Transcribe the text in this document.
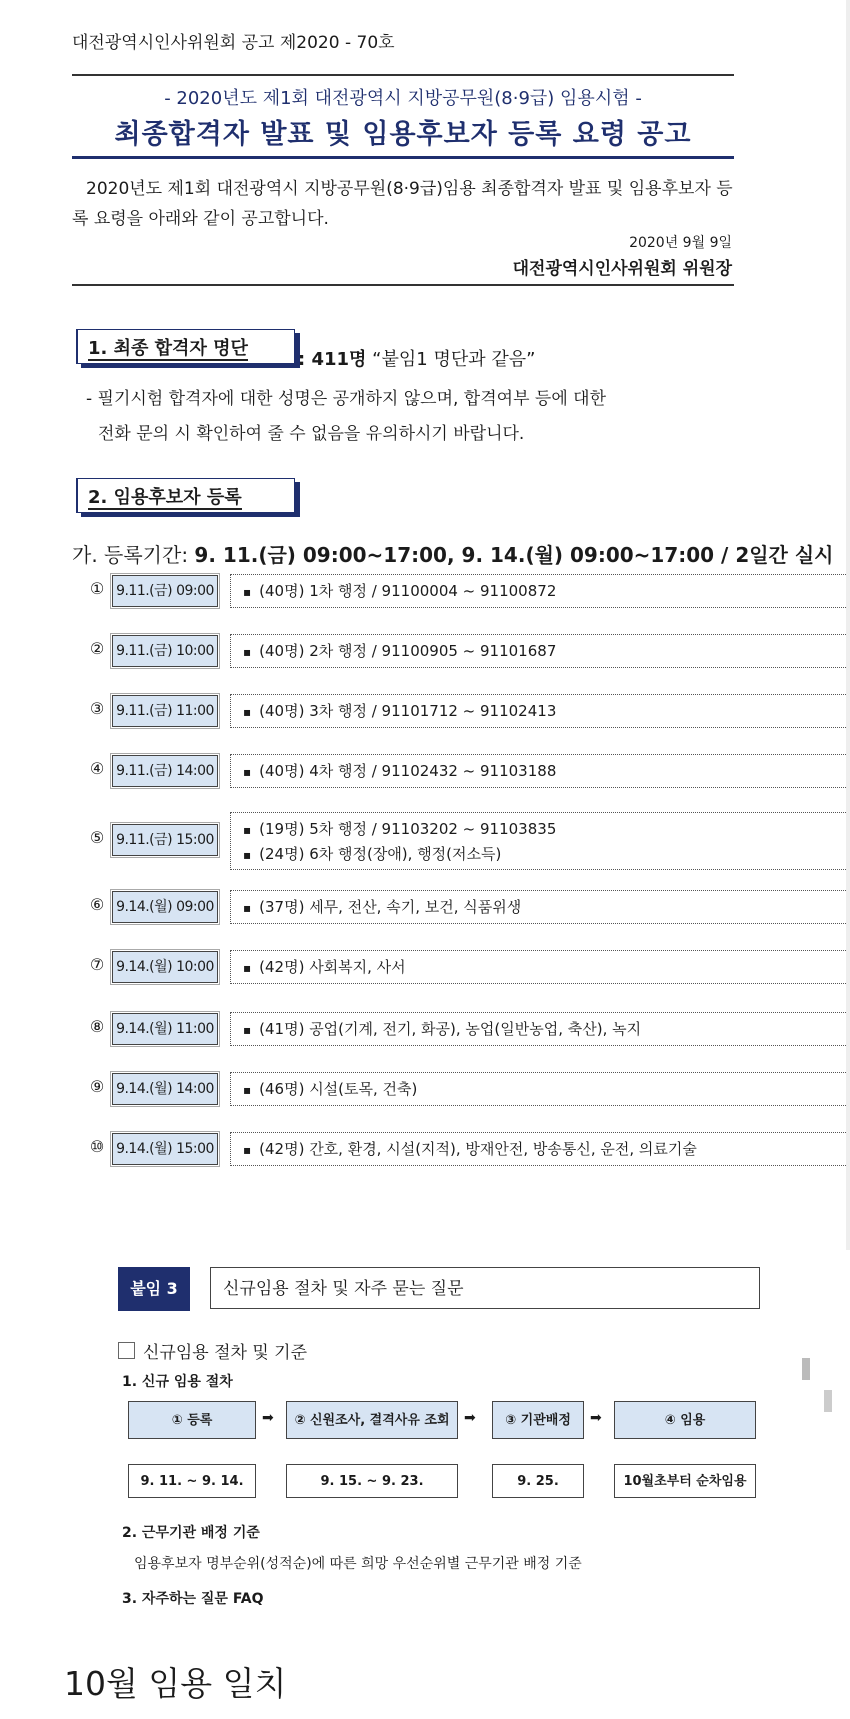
대전광역시인사위원회 공고 제2020 - 70호
- 2020년도 제1회 대전광역시 지방공무원(8·9급) 임용시험 -
최종합격자 발표 및 임용후보자 등록 요령 공고
2020년도 제1회 대전광역시 지방공무원(8·9급)임용 최종합격자 발표 및 임용후보자 등록 요령을 아래와 같이 공고합니다.
2020년 9월 9일
대전광역시인사위원회 위원장
1. 최종 합격자 명단
: 411명 “붙임1 명단과 같음”
- 필기시험 합격자에 대한 성명은 공개하지 않으며, 합격여부 등에 대한
전화 문의 시 확인하여 줄 수 없음을 유의하시기 바랍니다.
2. 임용후보자 등록
가. 등록기간: 9. 11.(금) 09:00~17:00, 9. 14.(월) 09:00~17:00 / 2일간 실시
① 9.11.(금) 09:00	▪ (40명) 1차 행정 / 91100004 ~ 91100872
② 9.11.(금) 10:00	▪ (40명) 2차 행정 / 91100905 ~ 91101687
③ 9.11.(금) 11:00	▪ (40명) 3차 행정 / 91101712 ~ 91102413
④ 9.11.(금) 14:00	▪ (40명) 4차 행정 / 91102432 ~ 91103188
⑤ 9.11.(금) 15:00
▪ (19명) 5차 행정 / 91103202 ~ 91103835
▪ (24명) 6차 행정(장애), 행정(저소득)
⑥ 9.14.(월) 09:00	▪ (37명) 세무, 전산, 속기, 보건, 식품위생
⑦ 9.14.(월) 10:00	▪ (42명) 사회복지, 사서
⑧ 9.14.(월) 11:00	▪ (41명) 공업(기계, 전기, 화공), 농업(일반농업, 축산), 녹지
⑨ 9.14.(월) 14:00	▪ (46명) 시설(토목, 건축)
⑩ 9.14.(월) 15:00	▪ (42명) 간호, 환경, 시설(지적), 방재안전, 방송통신, 운전, 의료기술
붙임 3	신규임용 절차 및 자주 묻는 질문
신규임용 절차 및 기준
1. 신규 임용 절차
① 등록	➡	② 신원조사, 결격사유 조회	➡	③ 기관배정	➡	④ 임용
9. 11. ~ 9. 14.	9. 15. ~ 9. 23.	9. 25.	10월초부터 순차임용
2. 근무기관 배정 기준
임용후보자 명부순위(성적순)에 따른 희망 우선순위별 근무기관 배정 기준
3. 자주하는 질문 FAQ
10월 임용 일치
